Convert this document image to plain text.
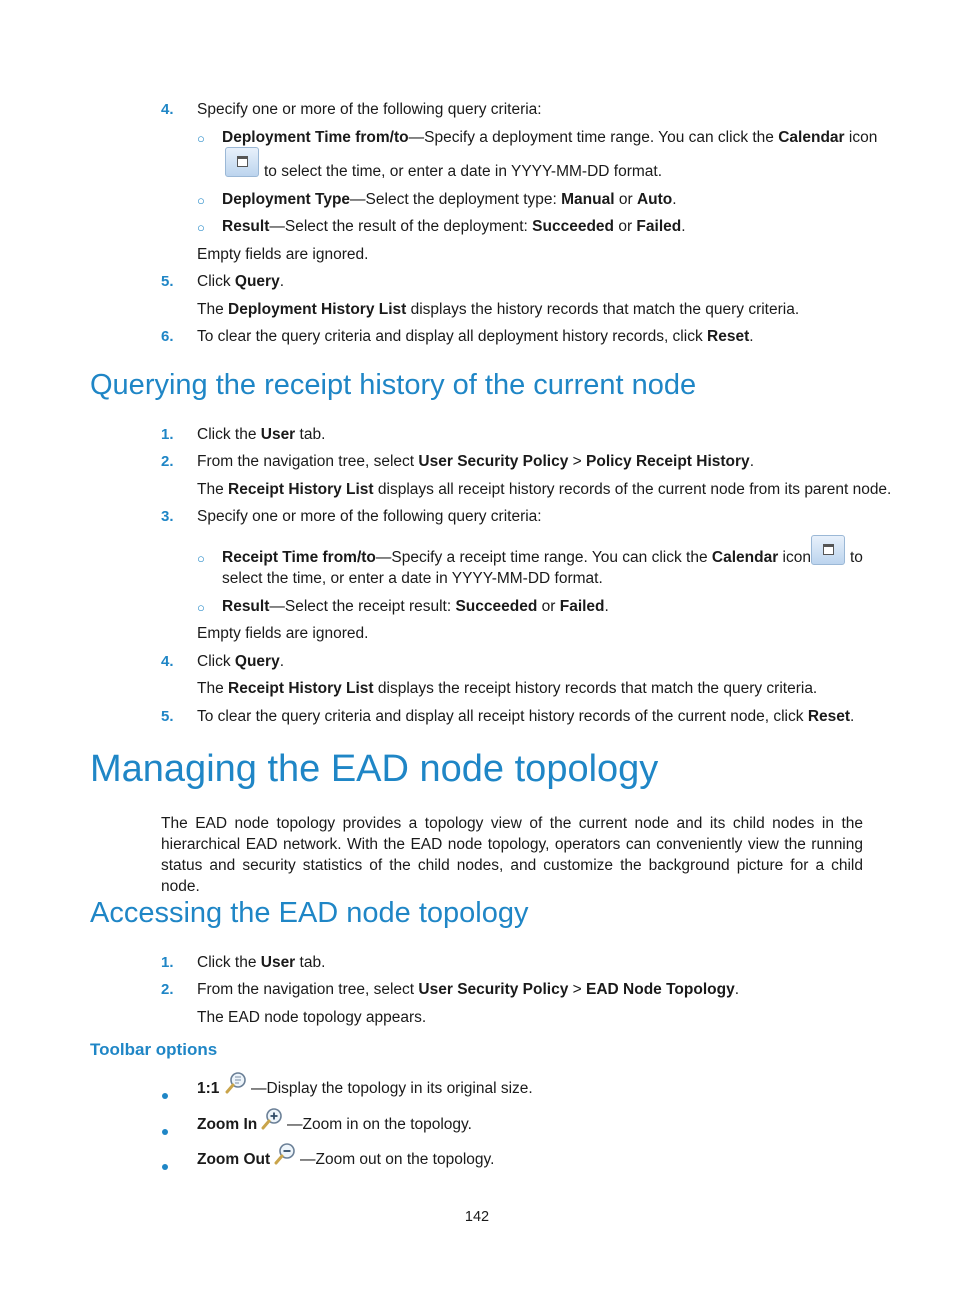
4. Specify one or more of the following query criteria:
○ Deployment Time from/to—Specify a deployment time range. You can click the Calendar icon
to select the time, or enter a date in YYYY-MM-DD format.
○ Deployment Type—Select the deployment type: Manual or Auto.
○ Result—Select the result of the deployment: Succeeded or Failed.
Empty fields are ignored.
5. Click Query.
The Deployment History List displays the history records that match the query criteria.
6. To clear the query criteria and display all deployment history records, click Reset.
Querying the receipt history of the current node
1. Click the User tab.
2. From the navigation tree, select User Security Policy > Policy Receipt History.
The Receipt History List displays all receipt history records of the current node from its parent node.
3. Specify one or more of the following query criteria:
○ Receipt Time from/to—Specify a receipt time range. You can click the Calendar icon	to
select the time, or enter a date in YYYY-MM-DD format.
○ Result—Select the receipt result: Succeeded or Failed.
Empty fields are ignored.
4. Click Query.
The Receipt History List displays the receipt history records that match the query criteria.
5. To clear the query criteria and display all receipt history records of the current node, click Reset.
Managing the EAD node topology
The EAD node topology provides a topology view of the current node and its child nodes in the hierarchical EAD network. With the EAD node topology, operators can conveniently view the running status and security statistics of the child nodes, and customize the background picture for a child node.
Accessing the EAD node topology
1. Click the User tab.
2. From the navigation tree, select User Security Policy > EAD Node Topology.
The EAD node topology appears.
Toolbar options
1:1 —Display the topology in its original size.
Zoom In —Zoom in on the topology.
Zoom Out —Zoom out on the topology.
142
